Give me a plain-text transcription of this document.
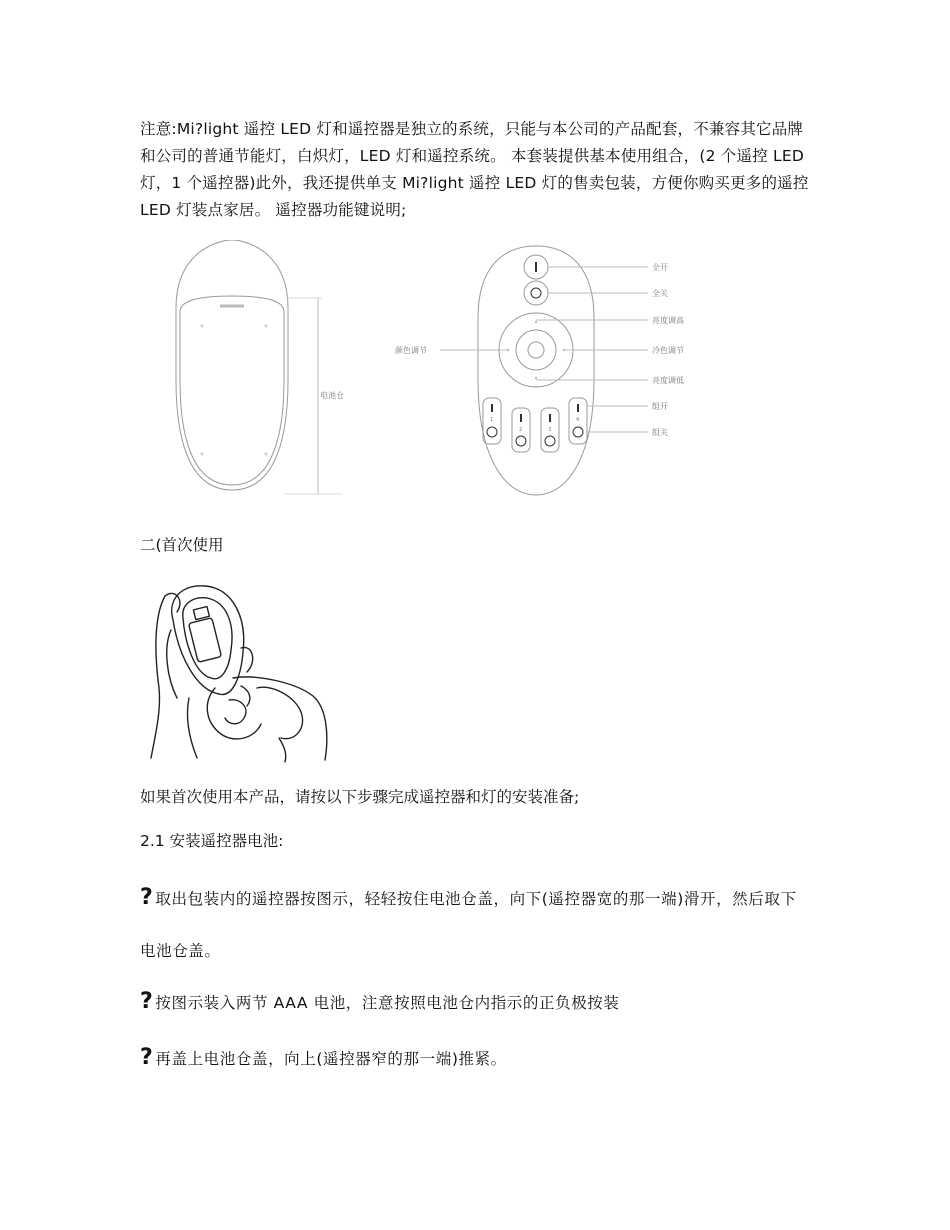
注意:Mi?light 遥控 LED 灯和遥控器是独立的系统，只能与本公司的产品配套，不兼容其它品牌和公司的普通节能灯，白炽灯，LED 灯和遥控系统。 本套装提供基本使用组合，(2 个遥控 LED 灯，1 个遥控器)此外，我还提供单支 Mi?light 遥控 LED 灯的售卖包装，方便你购买更多的遥控 LED 灯装点家居。 遥控器功能键说明;

电池仓
1
2	3
4
颜色调节
全开
全关
亮度调高
冷色调节
亮度调低
组开
组关

二(首次使用

如果首次使用本产品，请按以下步骤完成遥控器和灯的安装准备;

2.1 安装遥控器电池:

? 取出包装内的遥控器按图示，轻轻按住电池仓盖，向下(遥控器宽的那一端)滑开，然后取下电池仓盖。

? 按图示装入两节 AAA 电池，注意按照电池仓内指示的正负极按装

? 再盖上电池仓盖，向上(遥控器窄的那一端)推紧。
